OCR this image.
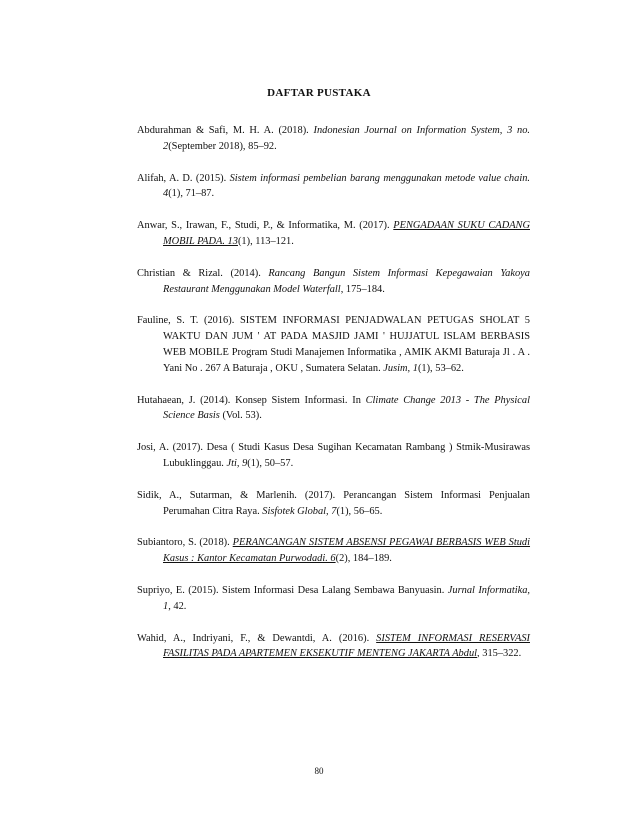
DAFTAR PUSTAKA

Abdurahman & Safi, M. H. A. (2018). Indonesian Journal on Information System, 3 no. 2(September 2018), 85–92.

Alifah, A. D. (2015). Sistem informasi pembelian barang menggunakan metode value chain. 4(1), 71–87.

Anwar, S., Irawan, F., Studi, P., & Informatika, M. (2017). PENGADAAN SUKU CADANG MOBIL PADA. 13(1), 113–121.

Christian & Rizal. (2014). Rancang Bangun Sistem Informasi Kepegawaian Yakoya Restaurant Menggunakan Model Waterfall, 175–184.

Fauline, S. T. (2016). SISTEM INFORMASI PENJADWALAN PETUGAS SHOLAT 5 WAKTU DAN JUM ' AT PADA MASJID JAMI ' HUJJATUL ISLAM BERBASIS WEB MOBILE Program Studi Manajemen Informatika , AMIK AKMI Baturaja Jl . A . Yani No . 267 A Baturaja , OKU , Sumatera Selatan. Jusim, 1(1), 53–62.

Hutahaean, J. (2014). Konsep Sistem Informasi. In Climate Change 2013 - The Physical Science Basis (Vol. 53).

Josi, A. (2017). Desa ( Studi Kasus Desa Sugihan Kecamatan Rambang ) Stmik-Musirawas Lubuklinggau. Jti, 9(1), 50–57.

Sidik, A., Sutarman, & Marlenih. (2017). Perancangan Sistem Informasi Penjualan Perumahan Citra Raya. Sisfotek Global, 7(1), 56–65.

Subiantoro, S. (2018). PERANCANGAN SISTEM ABSENSI PEGAWAI BERBASIS WEB Studi Kasus : Kantor Kecamatan Purwodadi. 6(2), 184–189.

Supriyo, E. (2015). Sistem Informasi Desa Lalang Sembawa Banyuasin. Jurnal Informatika, 1, 42.

Wahid, A., Indriyani, F., & Dewantdi, A. (2016). SISTEM INFORMASI RESERVASI FASILITAS PADA APARTEMEN EKSEKUTIF MENTENG JAKARTA Abdul, 315–322.

80
